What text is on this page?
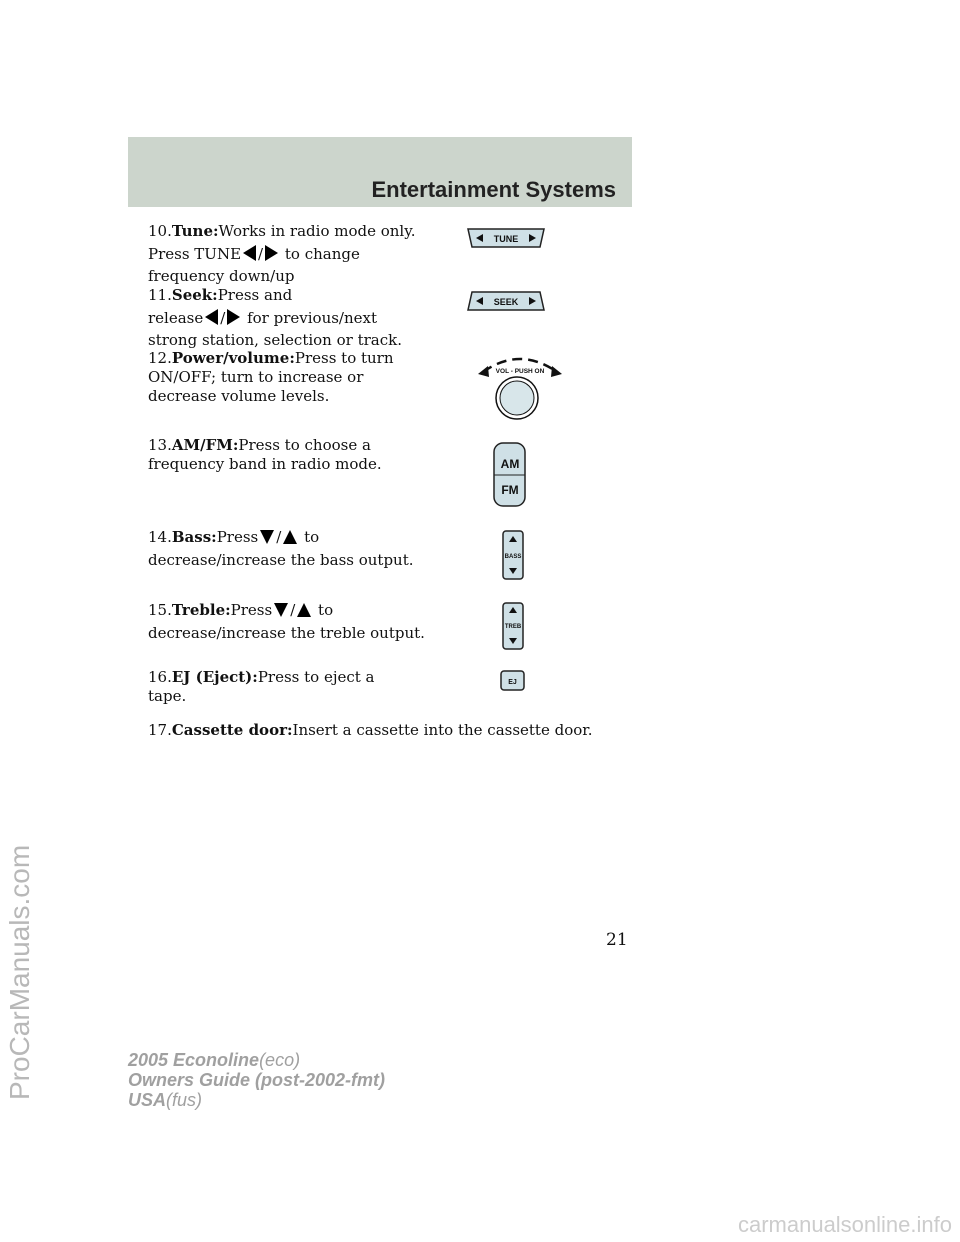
Entertainment Systems
10.Tune:Works in radio mode only.
Press TUNE / to change
frequency down/up
11.Seek:Press and
release / for previous/next
strong station, selection or track.
12.Power/volume:Press to turn
ON/OFF; turn to increase or
decrease volume levels.
13.AM/FM:Press to choose a
frequency band in radio mode.
14.Bass:Press / to
decrease/increase the bass output.
15.Treble:Press / to
decrease/increase the treble output.
16.EJ (Eject):Press to eject a
tape.
17.Cassette door:Insert a cassette into the cassette door.
TUNE
SEEK
VOL - PUSH ON
AM
FM
BASS
TREB
EJ
21
2005 Econoline(eco)
Owners Guide (post-2002-fmt)
USA(fus)
ProCarManuals.com
carmanualsonline.info
